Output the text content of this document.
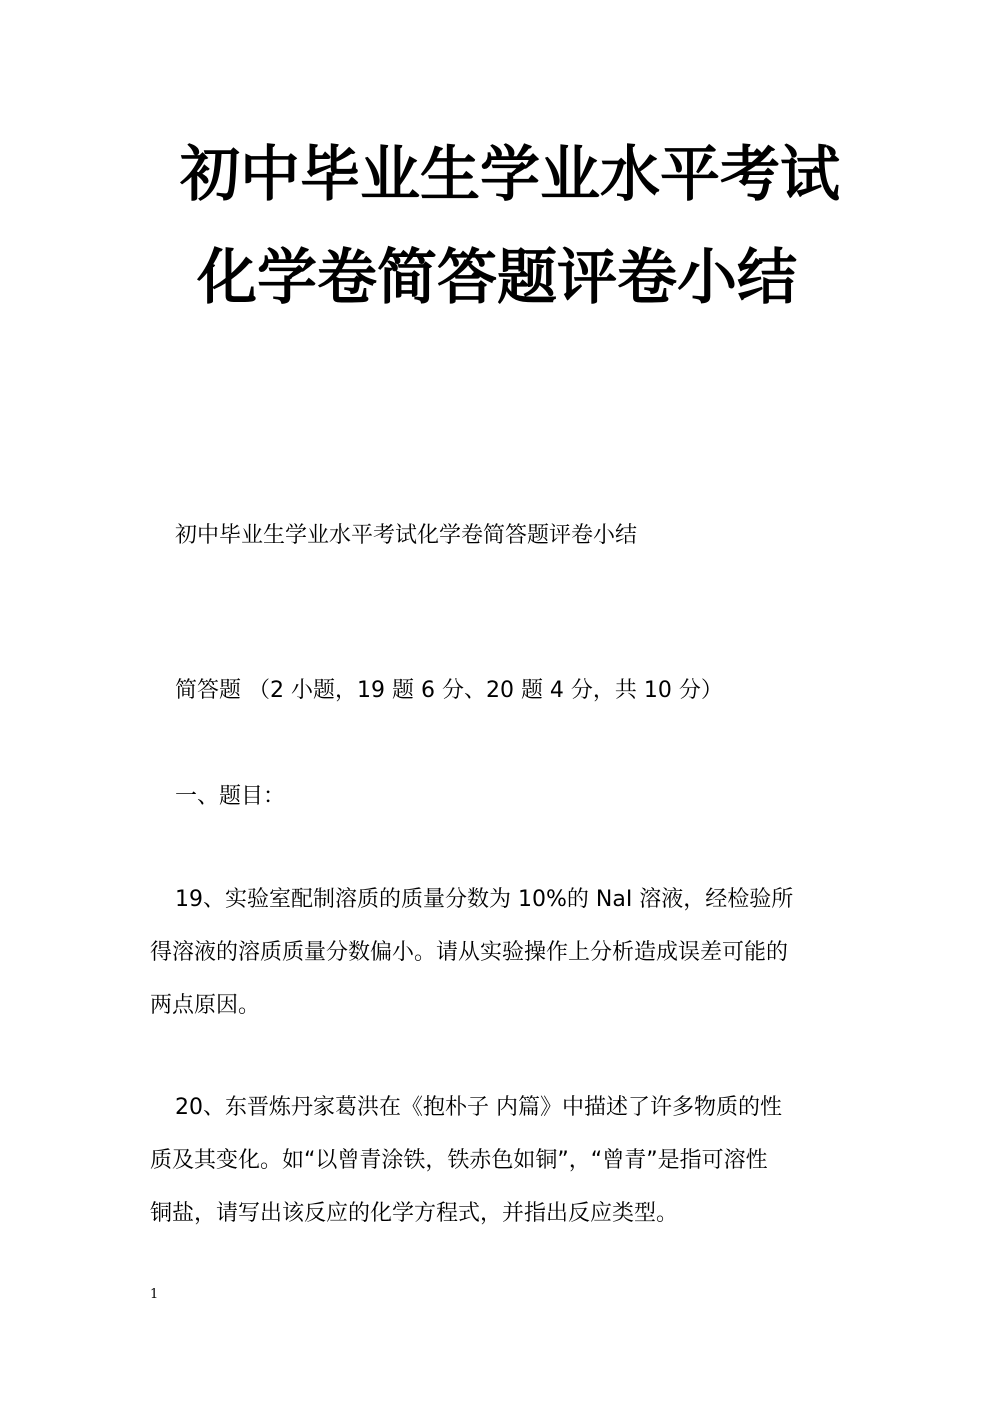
初中毕业生学业水平考试
化学卷简答题评卷小结
初中毕业生学业水平考试化学卷简答题评卷小结
简答题 （2 小题，19 题 6 分、20 题 4 分，共 10 分）
一、题目：
19、实验室配制溶质的质量分数为 10%的 NaI 溶液，经检验所
得溶液的溶质质量分数偏小。请从实验操作上分析造成误差可能的
两点原因。
20、东晋炼丹家葛洪在《抱朴子 内篇》中描述了许多物质的性
质及其变化。如“以曾青涂铁，铁赤色如铜”，“曾青”是指可溶性
铜盐，请写出该反应的化学方程式，并指出反应类型。
1
